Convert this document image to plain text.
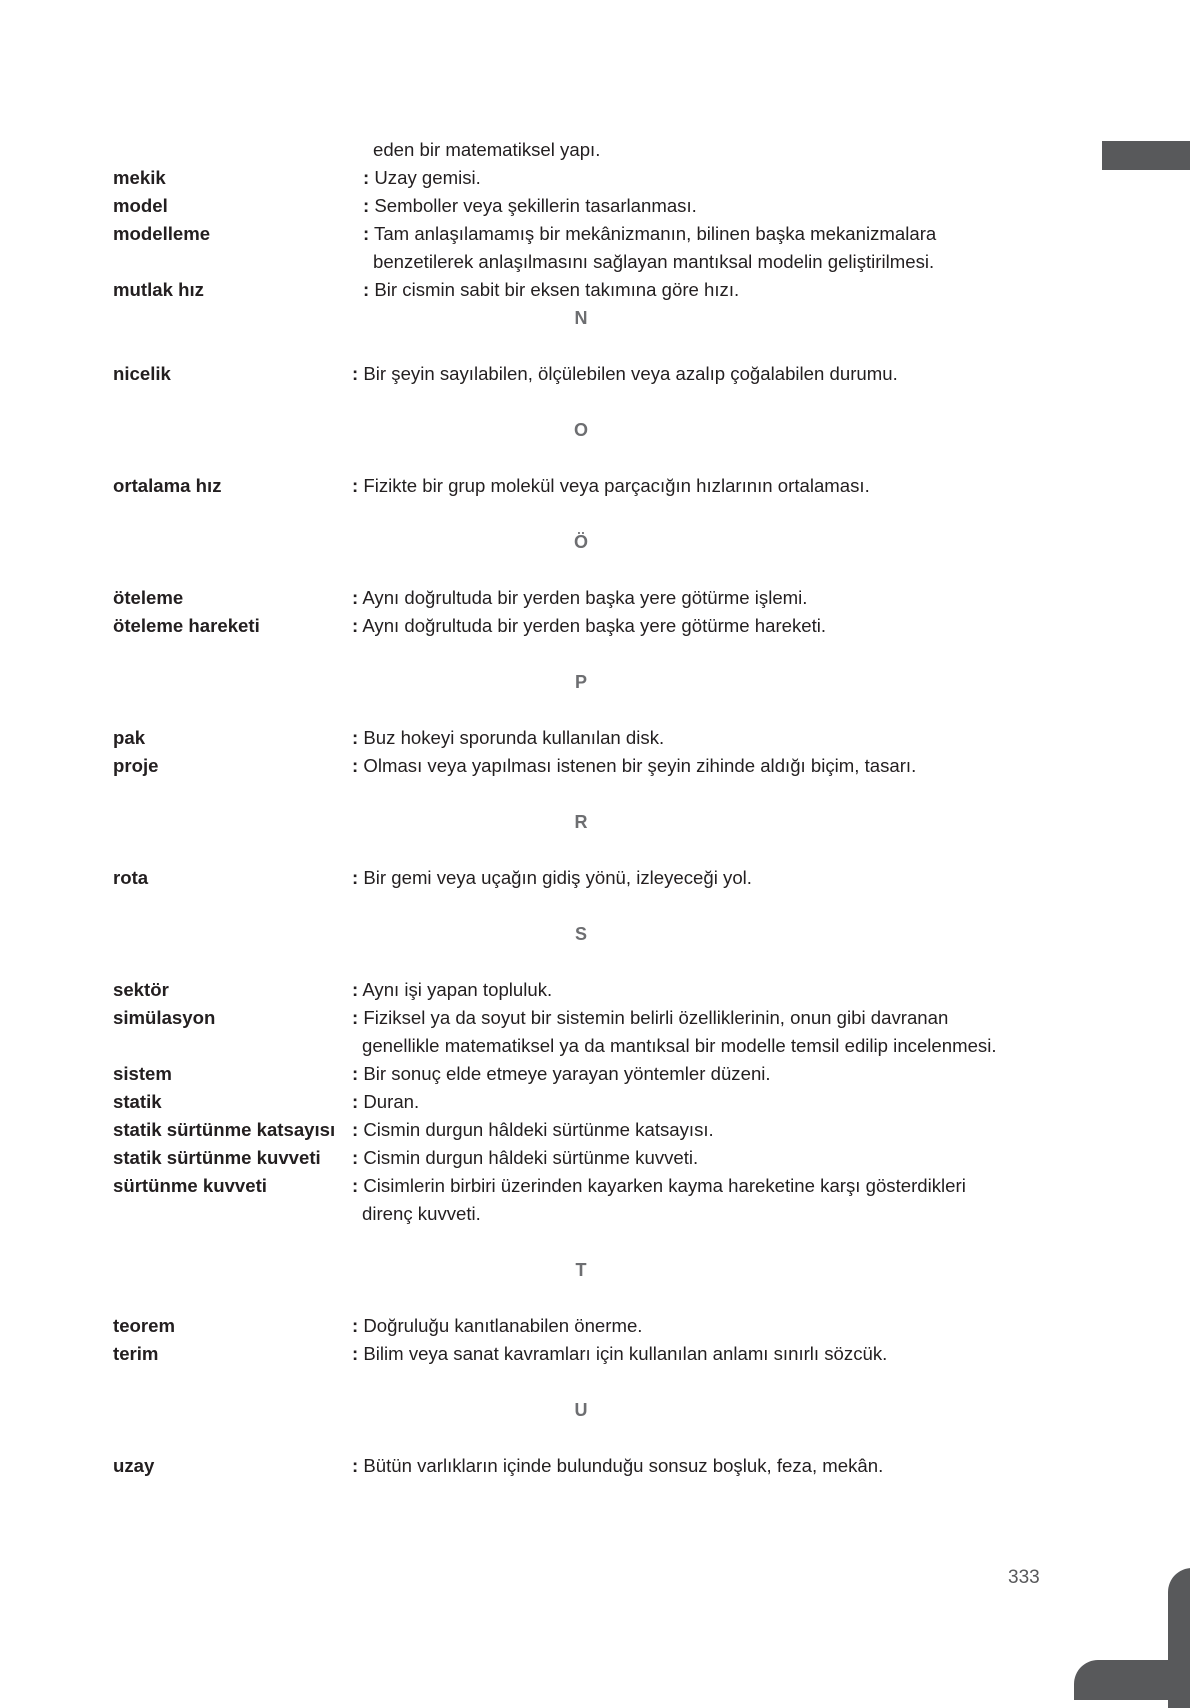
eden bir matematiksel yapı.
mekik	: Uzay gemisi.
model	: Semboller veya şekillerin tasarlanması.
modelleme	: Tam anlaşılamamış bir mekânizmanın, bilinen başka mekanizmalara
benzetilerek anlaşılmasını sağlayan mantıksal modelin geliştirilmesi.
mutlak hız	: Bir cismin sabit bir eksen takımına göre hızı.
N
nicelik	: Bir şeyin sayılabilen, ölçülebilen veya azalıp çoğalabilen durumu.
O
ortalama hız	: Fizikte bir grup molekül veya parçacığın hızlarının ortalaması.
Ö
öteleme	: Aynı doğrultuda bir yerden başka yere götürme işlemi.
öteleme hareketi	: Aynı doğrultuda bir yerden başka yere götürme hareketi.
P
pak	: Buz hokeyi sporunda kullanılan disk.
proje	: Olması veya yapılması istenen bir şeyin zihinde aldığı biçim, tasarı.
R
rota	: Bir gemi veya uçağın gidiş yönü, izleyeceği yol.
S
sektör	: Aynı işi yapan topluluk.
simülasyon	: Fiziksel ya da soyut bir sistemin belirli özelliklerinin, onun gibi davranan
genellikle matematiksel ya da mantıksal bir modelle temsil edilip incelenmesi.
sistem	: Bir sonuç elde etmeye yarayan yöntemler düzeni.
statik	: Duran.
statik sürtünme katsayısı : Cismin durgun hâldeki sürtünme katsayısı.
statik sürtünme kuvveti : Cismin durgun hâldeki sürtünme kuvveti.
sürtünme kuvveti	: Cisimlerin birbiri üzerinden kayarken kayma hareketine karşı gösterdikleri
direnç kuvveti.
T
teorem	: Doğruluğu kanıtlanabilen önerme.
terim	: Bilim veya sanat kavramları için kullanılan anlamı sınırlı sözcük.
U
uzay	: Bütün varlıkların içinde bulunduğu sonsuz boşluk, feza, mekân.
333
